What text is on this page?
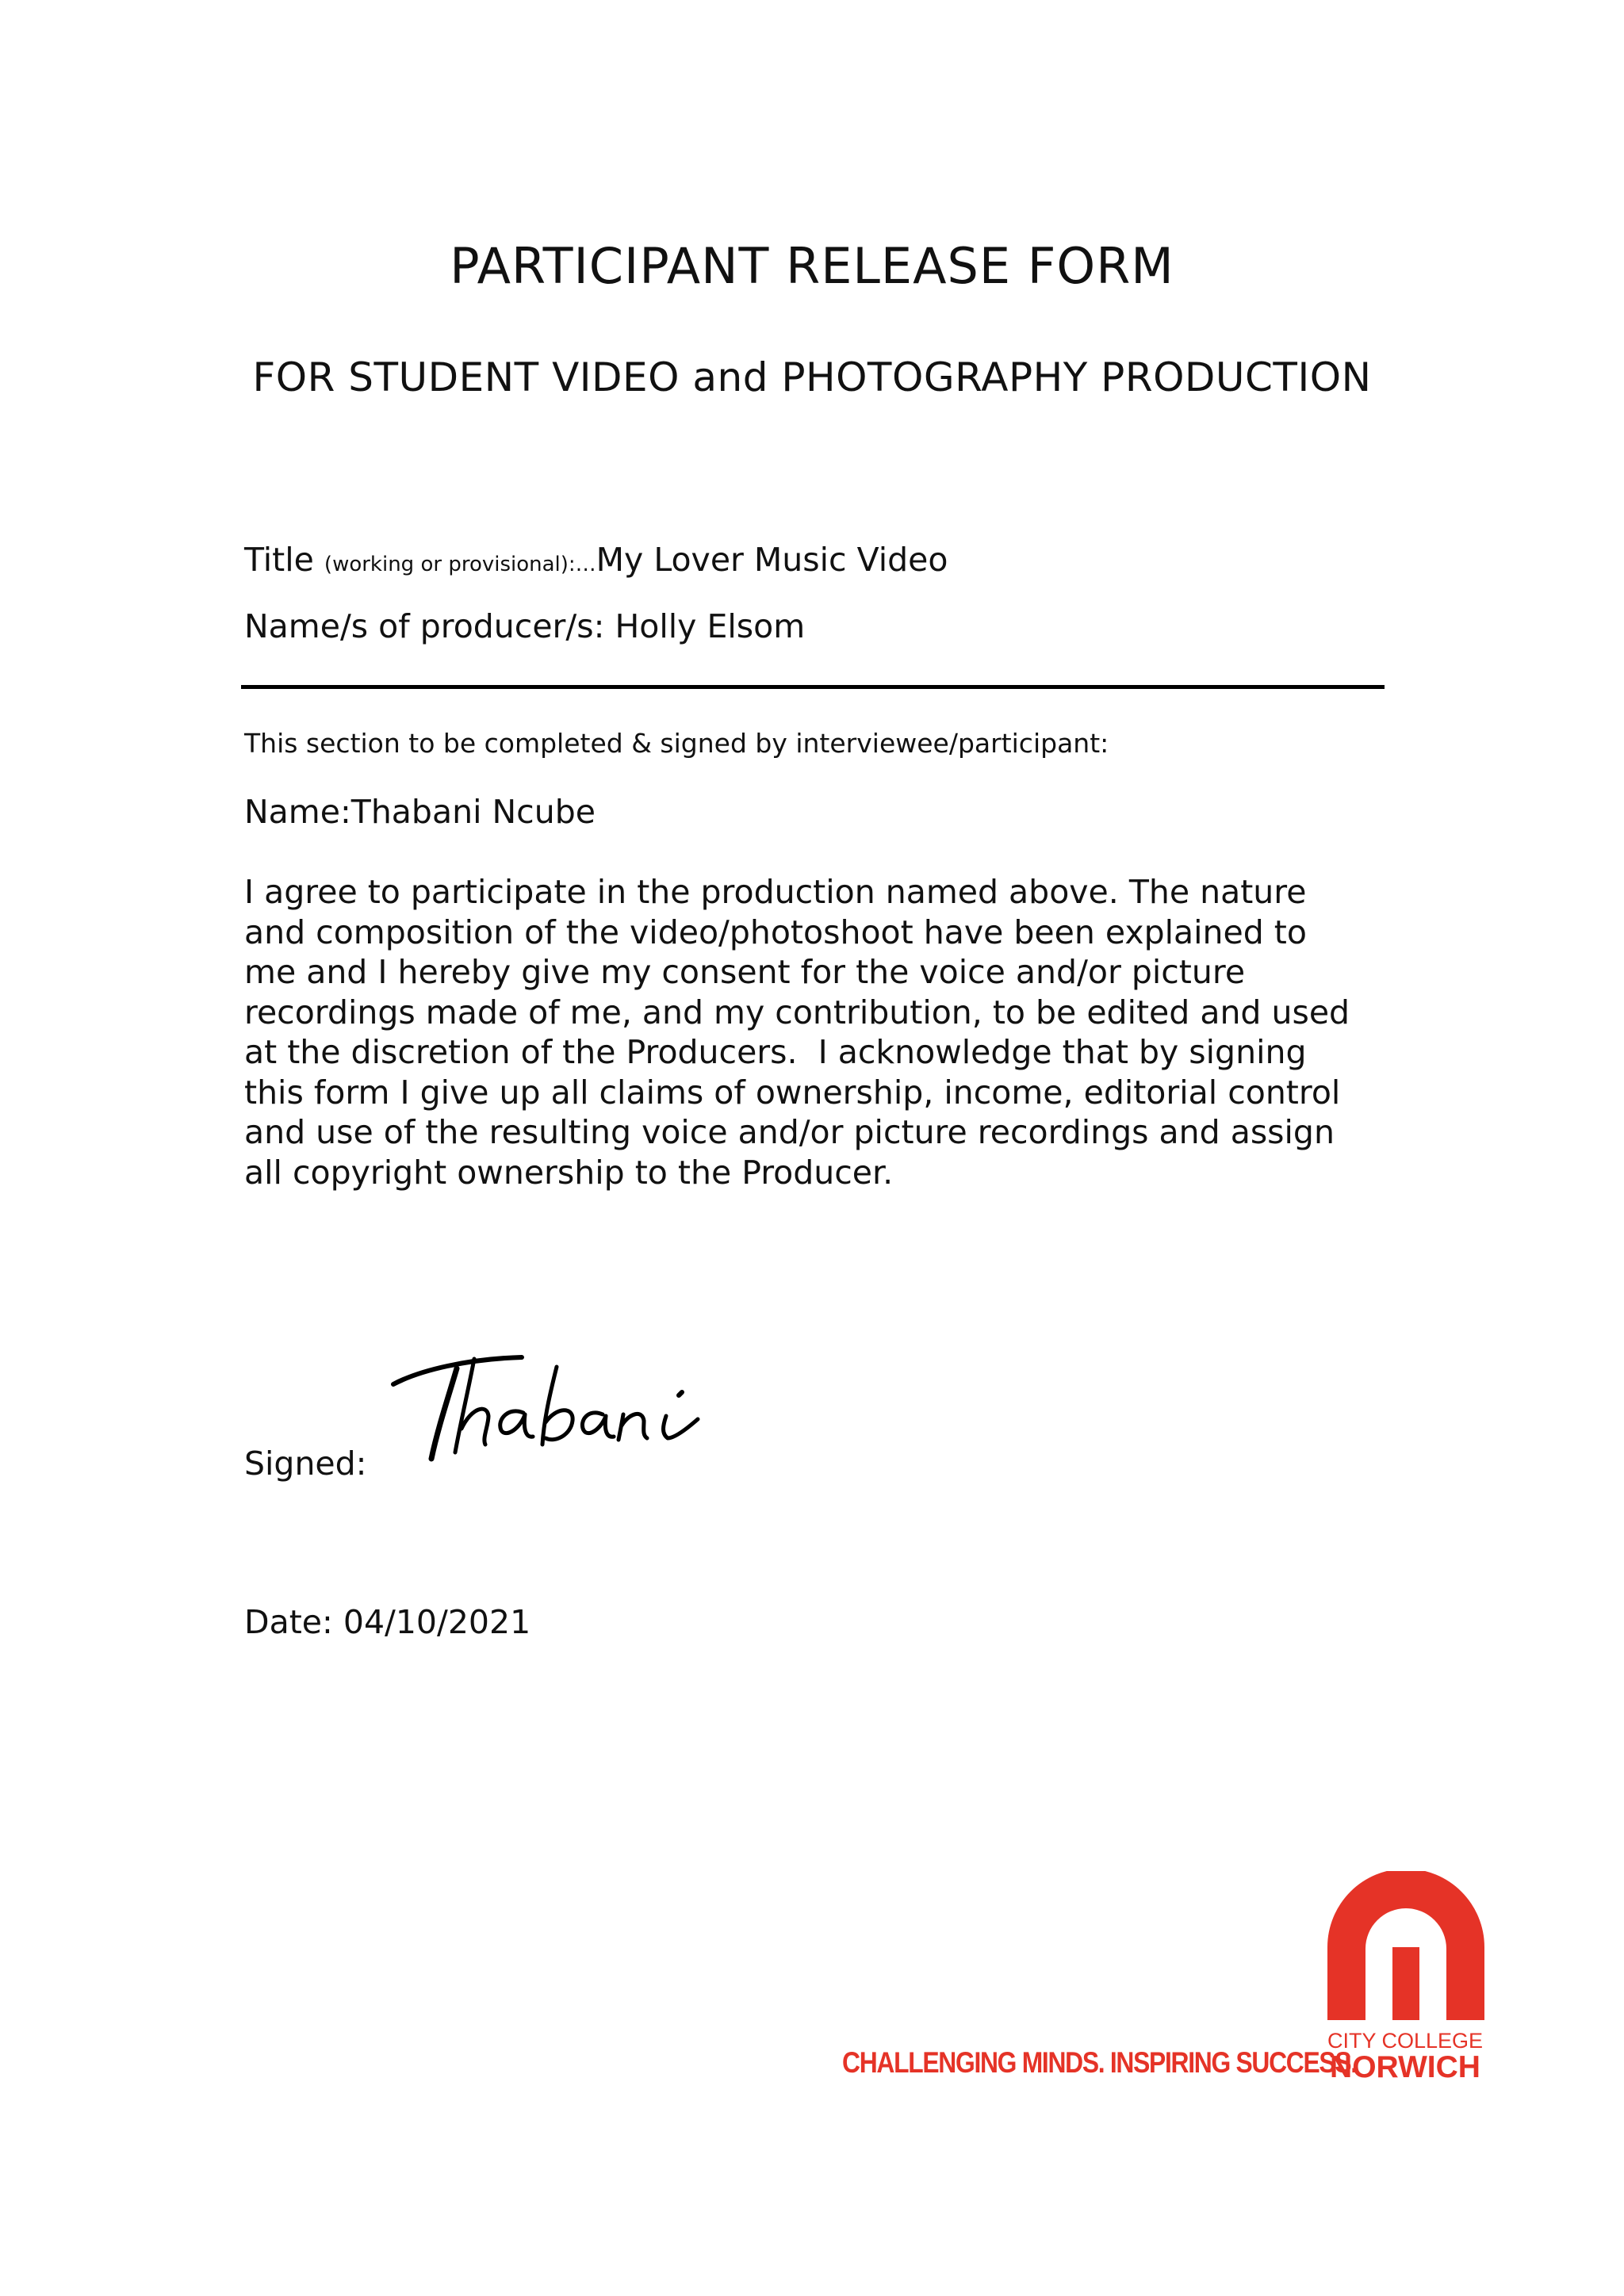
PARTICIPANT RELEASE FORM
FOR STUDENT VIDEO and PHOTOGRAPHY PRODUCTION
Title (working or provisional):…My Lover Music Video
Name/s of producer/s: Holly Elsom
This section to be completed & signed by interviewee/participant:
Name:Thabani Ncube

I agree to participate in the production named above. The nature
and composition of the video/photoshoot have been explained to
me and I hereby give my consent for the voice and/or picture
recordings made of me, and my contribution, to be edited and used
at the discretion of the Producers.  I acknowledge that by signing
this form I give up all claims of ownership, income, editorial control
and use of the resulting voice and/or picture recordings and assign
all copyright ownership to the Producer.

Signed:
Date: 04/10/2021
CITY COLLEGE
NORWICH
CHALLENGING MINDS. INSPIRING SUCCESS.
